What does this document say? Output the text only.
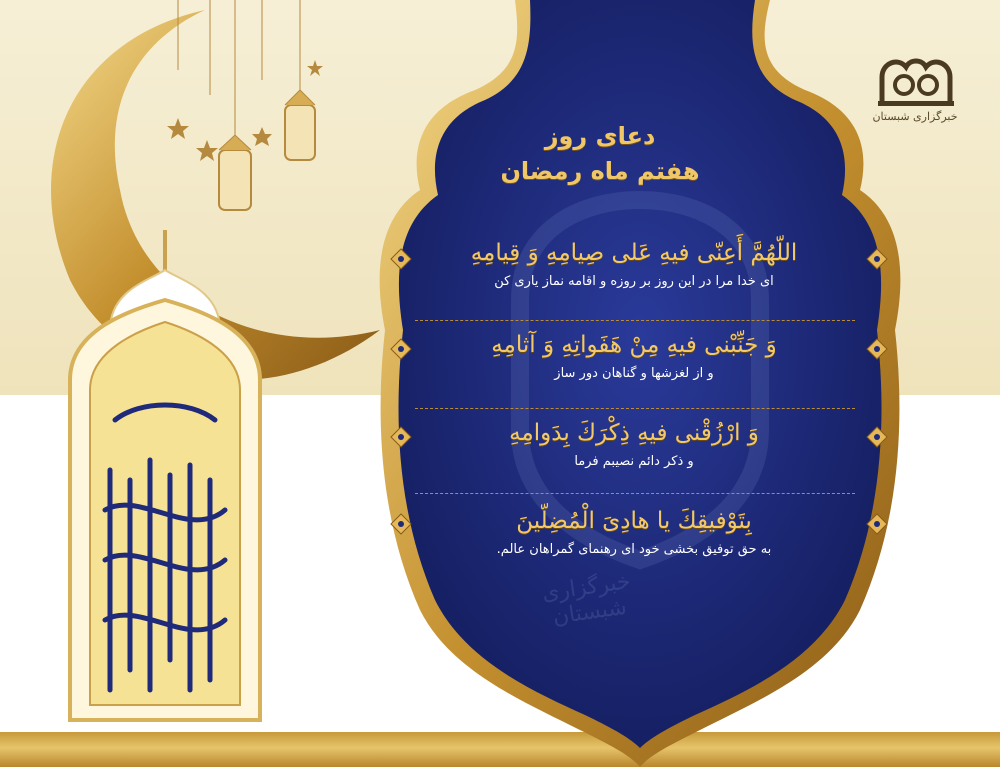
خبرگزاری شبستان
دعای روز
هفتم ماه رمضان
خبرگزاری شبستان
اللّهُمَّ أَعِنّی فیهِ عَلی صِیامِهِ وَ قِیامِهِ
ای خدا مرا در این روز بر روزه و اقامه نماز یاری کن
وَ جَنِّبْنی فیهِ مِنْ هَفَواتِهِ وَ آثامِهِ
و از لغزشها و گناهان دور ساز
وَ ارْزُقْنی فیهِ ذِكْرَكَ بِدَوامِهِ
و ذکر دائم نصیبم فرما
بِتَوْفیقِكَ یا هادِیَ الْمُضِلّینَ
به حق توفیق بخشی خود ای رهنمای گمراهان عالم.
